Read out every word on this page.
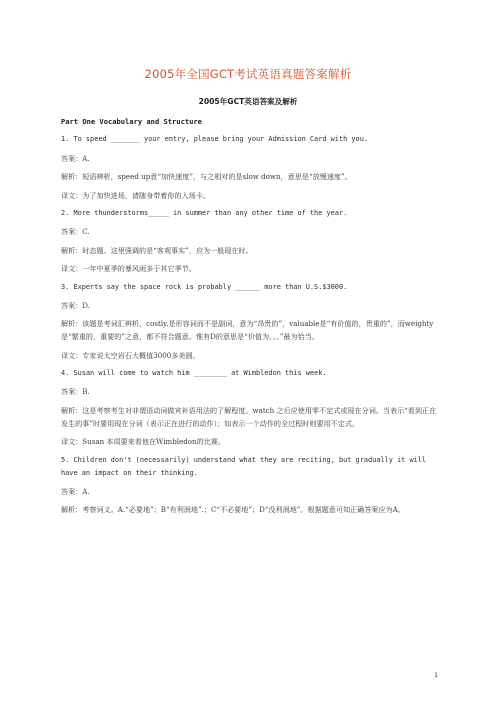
2005年全国GCT考试英语真题答案解析
2005年GCT英语答案及解析
Part One Vocabulary and Structure
1. To speed _______ your entry, please bring your Admission Card with you.
答案：A.
解析：短语辨析，speed up意“加快速度”，与之相对的是slow down，意思是“放慢速度”。
译文：为了加快进场，请随身带着你的入场卡。
2. More thunderstorms_____ in summer than any other time of the year.
答案：C.
解析：时态题。这里强调的是“客观事实”，应为一般现在时。
译文：一年中夏季的暴风雨多于其它季节。
3. Experts say the space rock is probably ______ more than U.S.$3000.
答案：D.
解析：该题是考词汇辨析，costly,是形容词而不是副词，意为“昂贵的”，valuable是“有价值的，贵重的”，而weighty是“繁重的，重要的”之意，都不符合题意。惟有D的意思是“价值为。。。”最为恰当。
译文：专家说太空岩石大概值3000多美圆。
4. Susan will come to watch him ________ at Wimbledon this week.
答案：B.
解析：这是考察考生对非谓语动词做宾补语用法的了解程度。watch 之后应使用零不定式或现在分词。当表示“看到正在发生的事”时要用现在分词（表示正在进行的动作）；如表示一个动作的全过程时则要用不定式。
译文：Susan 本周要来看他在Wimbledon的比赛。
5. Children don't (necessarily) understand what they are reciting, but gradually it will have an impact on their thinking.
答案：A.
解析：考察词义。A.“必要地”；B“有利润地”.；C“不必要地”；D“没利润地”。根据题意可知正确答案应为A。
1
